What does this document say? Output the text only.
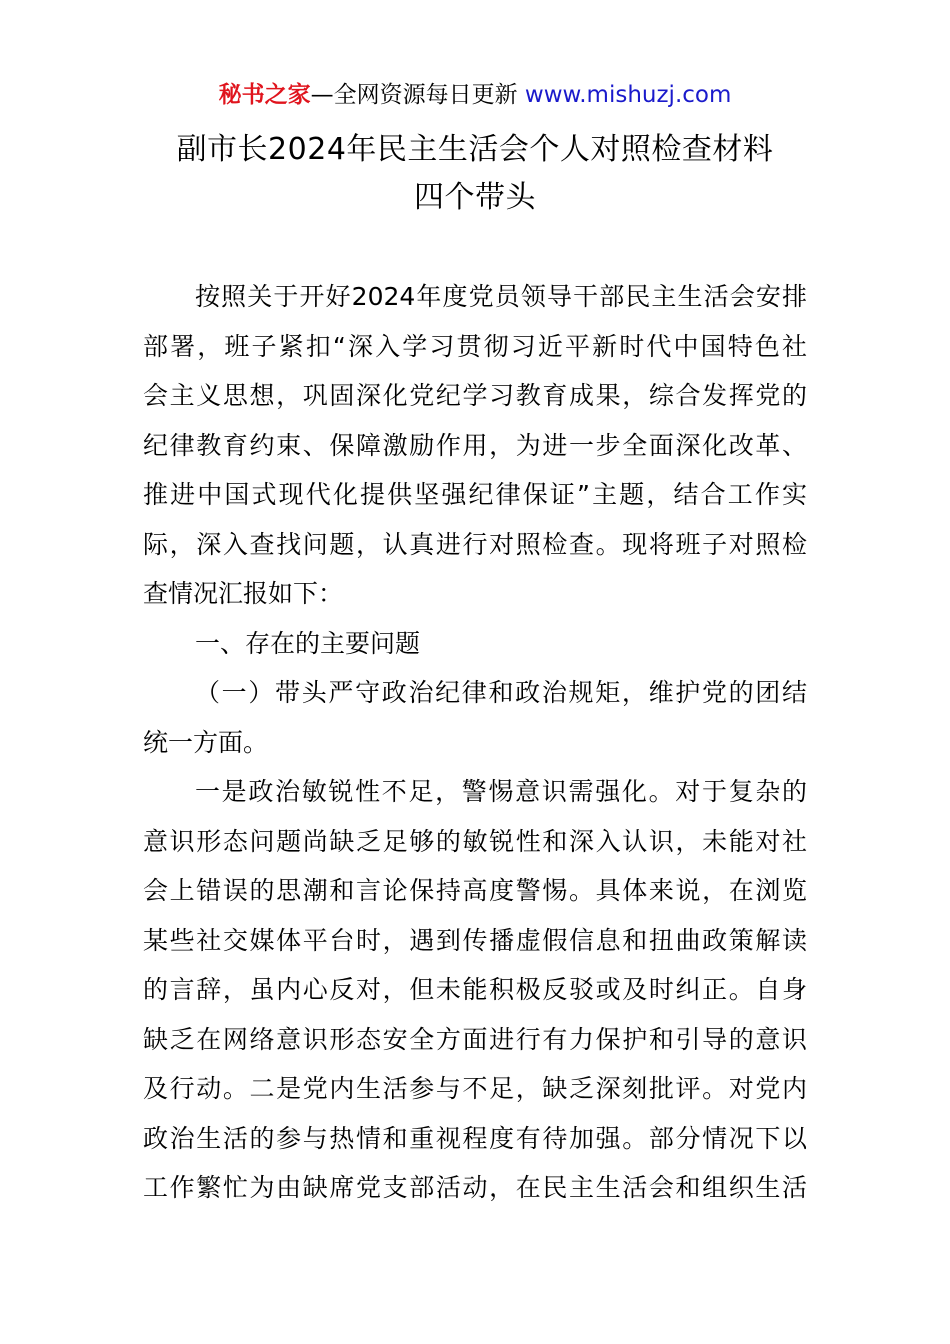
秘书之家—全网资源每日更新 www.mishuzj.com
副市长2024年民主生活会个人对照检查材料
四个带头
按照关于开好2024年度党员领导干部民主生活会安排
部署，班子紧扣“深入学习贯彻习近平新时代中国特色社
会主义思想，巩固深化党纪学习教育成果，综合发挥党的
纪律教育约束、保障激励作用，为进一步全面深化改革、
推进中国式现代化提供坚强纪律保证”主题，结合工作实
际，深入查找问题，认真进行对照检查。现将班子对照检
查情况汇报如下：
一、存在的主要问题
（一）带头严守政治纪律和政治规矩，维护党的团结
统一方面。
一是政治敏锐性不足，警惕意识需强化。对于复杂的
意识形态问题尚缺乏足够的敏锐性和深入认识，未能对社
会上错误的思潮和言论保持高度警惕。具体来说，在浏览
某些社交媒体平台时，遇到传播虚假信息和扭曲政策解读
的言辞，虽内心反对，但未能积极反驳或及时纠正。自身
缺乏在网络意识形态安全方面进行有力保护和引导的意识
及行动。二是党内生活参与不足，缺乏深刻批评。对党内
政治生活的参与热情和重视程度有待加强。部分情况下以
工作繁忙为由缺席党支部活动，在民主生活会和组织生活
